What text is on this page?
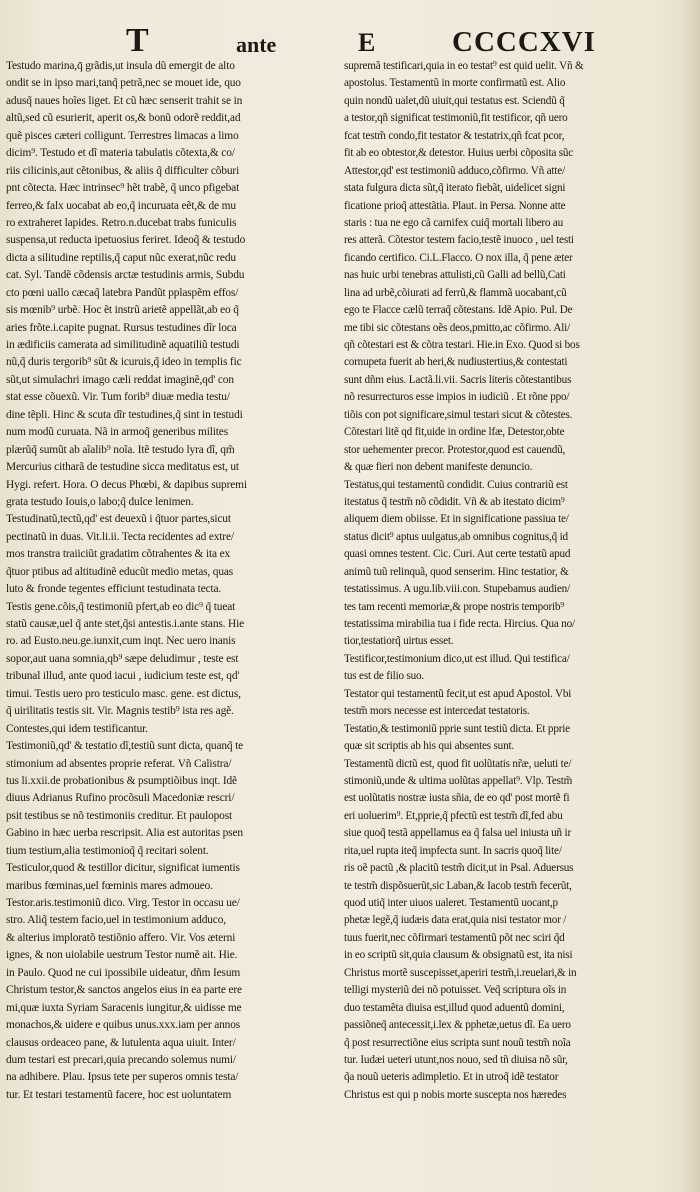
T	ante	E	CCCCXVI
Testudo marina,q̄ grãdis,ut insula dũ emergit de alto
ondit se in ipso mari,tanq̃ petrã,nec se mouet ide, quo
adusq̃ naues hoĩes liget. Et cũ hæc senserit trahit se in
altũ,sed cũ esurierit, aperit os,& bonũ odorẽ reddit,ad
quẽ pisces cæteri colligunt. Terrestres limacas a limo
dicim⁹. Testudo et dĩ materia tabulatis cõtexta,& co/
riis cilicinis,aut cẽtonibus, & aliis q̃ difficulter cõburi
pnt cõtecta. Hæc intrinsec⁹ hẽt trabẽ, q̃ unco pfigebat
ferreo,& falx uocabat ab eo,q̃ incuruata eẽt,& de mu
ro extraheret lapides. Retro.n.ducebat trabs funiculis
suspensa,ut reducta ipetuosius feriret. Ideoq̃ & testudo
dicta a silitudine reptilis,q̃ caput nũc exerat,nũc redu
cat. Syl. Tandẽ cõdensis arctæ testudinis armis, Subdu
cto pœni uallo cæcaq̃ latebra Pandũt pplaspẽm effos/
sis mœnib⁹ urbẽ. Hoc ẽt instrũ arietẽ appellãt,ab eo q̃
aries frõte.i.capite pugnat. Rursus testudines dĩr loca
in ædificiis camerata ad similitudinẽ aquatiliũ testudi
nũ,q̃ duris tergorib⁹ sũt & icuruis,q̃ ideo in templis fic
sũt,ut simulachri imago cæli reddat imaginẽ,qd' con
stat esse cõuexũ. Vir. Tum forib⁹ diuæ media testu/
dine tẽpli. Hinc & scuta dĩr testudines,q̃ sint in testudi
num modũ curuata. Nã in armoq̃ generibus milites
plærũq̃ sumũt ab aĩalib⁹ noĩa. Itẽ testudo lyra dĩ, qm̃
Mercurius citharã de testudine sicca meditatus est, ut
Hygi. refert. Hora. O decus Phœbi, & dapibus supremi
grata testudo Iouis,o labo;q̃ dulce lenimen.
Testudinatũ,tectũ,qd' est deuexũ i q̃tuor partes,sicut
pectinatũ in duas. Vit.li.ii. Tecta recidentes ad extre/
mos transtra traiiciũt gradatim cõtrahentes & ita ex
q̃tuor ptibus ad altitudinẽ educũt medio metas, quas
luto & fronde tegentes efficiunt testudinata tecta.
Testis gene.cõis,q̃ testimoniũ pfert,ab eo dic⁹ q̃ tueat
statũ causæ,uel q̃ ante stet,q̃si antestis.i.ante stans. Hie
ro. ad Eusto.neu.ge.iunxit,cum inqt. Nec uero inanis
sopor,aut uana somnia,qb⁹ sæpe deludimur , teste est
tribunal illud, ante quod iacui , iudicium teste est, qd'
timui. Testis uero pro testiculo masc. gene. est dictus,
q̃ uirilitatis testis sit. Vir. Magnis testib⁹ ista res agẽ.
Contestes,qui idem testificantur.
Testimoniũ,qd' & testatio dĩ,testiũ sunt dicta, quanq̃ te
stimonium ad absentes proprie referat. Vñ Calistra/
tus li.xxii.de probationibus & psumptiõibus inqt. Idẽ
diuus Adrianus Rufino procõsuli Macedoniæ rescri/
psit testibus se nõ testimoniis creditur. Et paulopost
Gabino in hæc uerba rescripsit. Alia est autoritas psen
tium testium,alia testimonioq̃ q̃ recitari solent.
Testiculor,quod & testillor dicitur, significat iumentis
maribus fœminas,uel fœminis mares admoueo.
Testor.aris.testimoniũ dico. Virg. Testor in occasu ue/
stro. Aliq̃ testem facio,uel in testimonium adduco,
& alterius imploratõ testiõnio affero. Vir. Vos æterni
ignes, & non uiolabile uestrum Testor numẽ ait. Hie.
in Paulo. Quod ne cui ipossibile uideatur, dñm Iesum
Christum testor,& sanctos angelos eius in ea parte ere
mi,quæ iuxta Syriam Saracenis iungitur,& uidisse me
monachos,& uidere e quibus unus.xxx.iam per annos
clausus ordeaceo pane, & lutulenta aqua uiuit. Inter/
dum testari est precari,quia precando solemus numi/
na adhibere. Plau. Ipsus tete per superos omnis testa/
tur. Et testari testamentũ facere, hoc est uoluntatem
supremã testificari,quia in eo testat⁹ est quid uelit. Vñ &
apostolus. Testamentũ in morte confirmatũ est. Alio
quin nondũ ualet,dũ uiuit,qui testatus est. Sciendũ q̃
a testor,qñ significat testimoniũ,fit testificor, qñ uero
fcat testm̃ condo,fit testator & testatrix,qñ fcat pcor,
fit ab eo obtestor,& detestor. Huius uerbi cõposita sũc
Attestor,qd' est testimoniũ adduco,cõfirmo. Vñ atte/
stata fulgura dicta sũt,q̃ iterato fiebãt, uidelicet signi
ficatione prioq̃ attestãtia. Plaut. in Persa. Nonne atte
staris : tua ne ego cã carnifex cuiq̃ mortali libero au
res atterã. Cõtestor testem facio,testẽ inuoco , uel testi
ficando certifico. Ci.L.Flacco. O nox illa, q̃ pene æter
nas huic urbi tenebras attulisti,cũ Galli ad bellũ,Cati
lina ad urbẽ,cõiurati ad ferrũ,& flammã uocabant,cũ
ego te Flacce cælũ terraq̃ cõtestans. Idẽ Apio. Pul. De
me tibi sic cõtestans oẽs deos,pmitto,ac cõfirmo. Ali/
qñ cõtestari est & cõtra testari. Hie.in Exo. Quod si bos
cornupeta fuerit ab heri,& nudiustertius,& contestati
sunt dñm eius. Lactã.li.vii. Sacris literis cõtestantibus
nõ resurrecturos esse impios in iudiciũ . Et rõne ppo/
tiõis con pot significare,simul testari sicut & cõtestes.
Cõtestari litẽ qd fit,uide in ordine lfæ, Detestor,obte
stor uehementer precor. Protestor,quod est cauendũ,
& quæ fieri non debent manifeste denuncio.
Testatus,qui testamentũ condidit. Cuius contrariũ est
itestatus q̃ testm̃ nõ cõdidit. Vñ & ab itestato dicim⁹
aliquem diem obiisse. Et in significatione passiua te/
status dicit⁹ aptus uulgatus,ab omnibus cognitus,q̃ id
quasi omnes testent. Cic. Curi. Aut certe testatũ apud
animũ tuũ relinquã, quod senserim. Hinc testatior, &
testatissimus. A ugu.lib.viii.con. Stupebamus audien/
tes tam recenti memoriæ,& prope nostris temporib⁹
testatissima mirabilia tua i fide recta. Hircius. Qua no/
tior,testatiorq̃ uirtus esset.
Testificor,testimonium dico,ut est illud. Qui testifica/
tus est de filio suo.
Testator qui testamentũ fecit,ut est apud Apostol. Vbi
testm̃ mors necesse est intercedat testatoris.
Testatio,& testimoniũ pprie sunt testiũ dicta. Et pprie
quæ sit scriptis ab his qui absentes sunt.
Testamentũ dictũ est, quod fit uolũtatis nr̃æ, ueluti te/
stimoniũ,unde & ultima uolũtas appellat⁹. Vlp. Testm̃
est uolũtatis nostræ iusta sñia, de eo qd' post mortẽ fi
eri uoluerim⁹. Et,pprie,q̃ pfectũ est testm̃ dĩ,fed abu
siue quoq̃ testã appellamus ea q̃ falsa uel iniusta uñ ir
rita,uel rupta iteq̃ impfecta sunt. In sacris quoq̃ lite/
ris oẽ pactũ ,& placitũ testm̃ dicit,ut in Psal. Aduersus
te testm̃ dispõsuerũt,sic Laban,& Iacob testm̃ fecerũt,
quod utiq̃ inter uiuos ualeret. Testamentũ uocant,p
phetæ legẽ,q̃ iudæis data erat,quia nisi testator mor /
tuus fuerit,nec cõfirmari testamentũ põt nec sciri q̃d
in eo scriptũ sit,quia clausum & obsignatũ est, ita nisi
Christus mortẽ suscepisset,aperiri testm̃,i.reuelari,& in
telligi mysteriũ dei nõ potuisset. Veq̃ scriptura oĩs in
duo testamẽta diuisa est,illud quod aduentũ domini,
passiõneq̃ antecessit,i.lex & pphetæ,uetus dĩ. Ea uero
q̃ post resurrectiõne eius scripta sunt nouũ testm̃ noĩa
tur. Iudæi ueteri utunt,nos nouo, sed tñ diuisa nõ sũr,
q̃a nouũ ueteris adimpletio. Et in utroq̃ idẽ testator
Christus est qui p nobis morte suscepta nos hæredes
